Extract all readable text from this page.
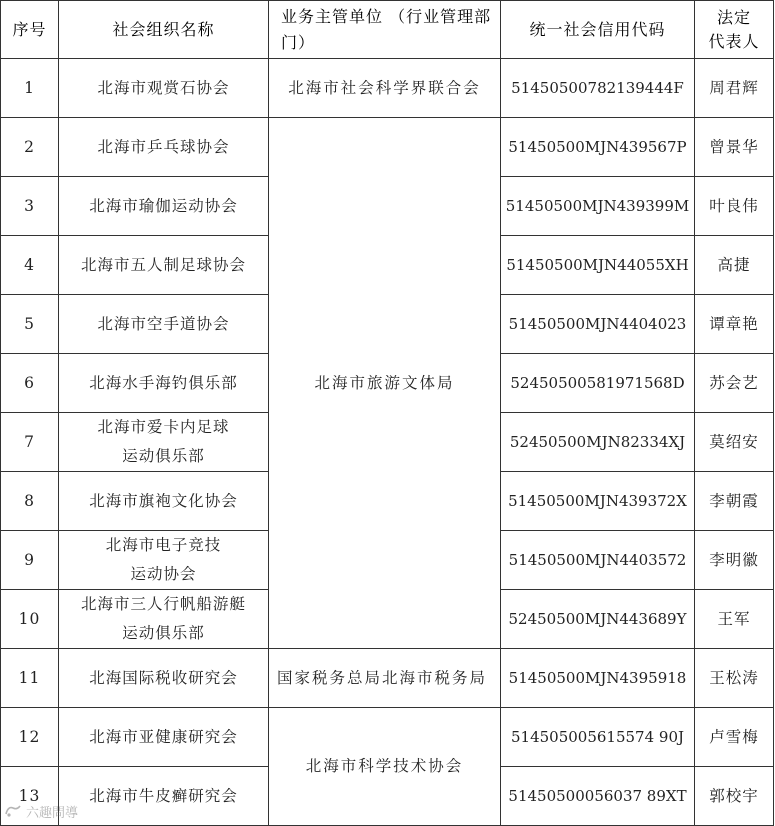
序号	社会组织名称	业务主管单位 （行业管理部门）	统一社会信用代码	法定
代表人

1	北海市观赏石协会	北海市社会科学界联合会	51450500782139444F	周君辉
2	北海市乒乓球协会	北海市旅游文体局	51450500MJN439567P	曾景华
3	北海市瑜伽运动协会		51450500MJN439399M	叶良伟
4	北海市五人制足球协会		51450500MJN44055XH	高捷
5	北海市空手道协会		51450500MJN4404023	谭章艳
6	北海水手海钓俱乐部		52450500581971568D	苏会艺
7	北海市爱卡内足球
运动俱乐部		52450500MJN82334XJ	莫绍安
8	北海市旗袍文化协会		51450500MJN439372X	李朝霞
9	北海市电子竞技
运动协会		51450500MJN4403572	李明徽
10	北海市三人行帆船游艇
运动俱乐部		52450500MJN443689Y	王军
11	北海国际税收研究会	国家税务总局北海市税务局	51450500MJN4395918	王松涛
12	北海市亚健康研究会	北海市科学技术协会	514505005615574 90J	卢雪梅
13	北海市牛皮癣研究会		51450500056037 89XT	郭校宇
六趣問導
